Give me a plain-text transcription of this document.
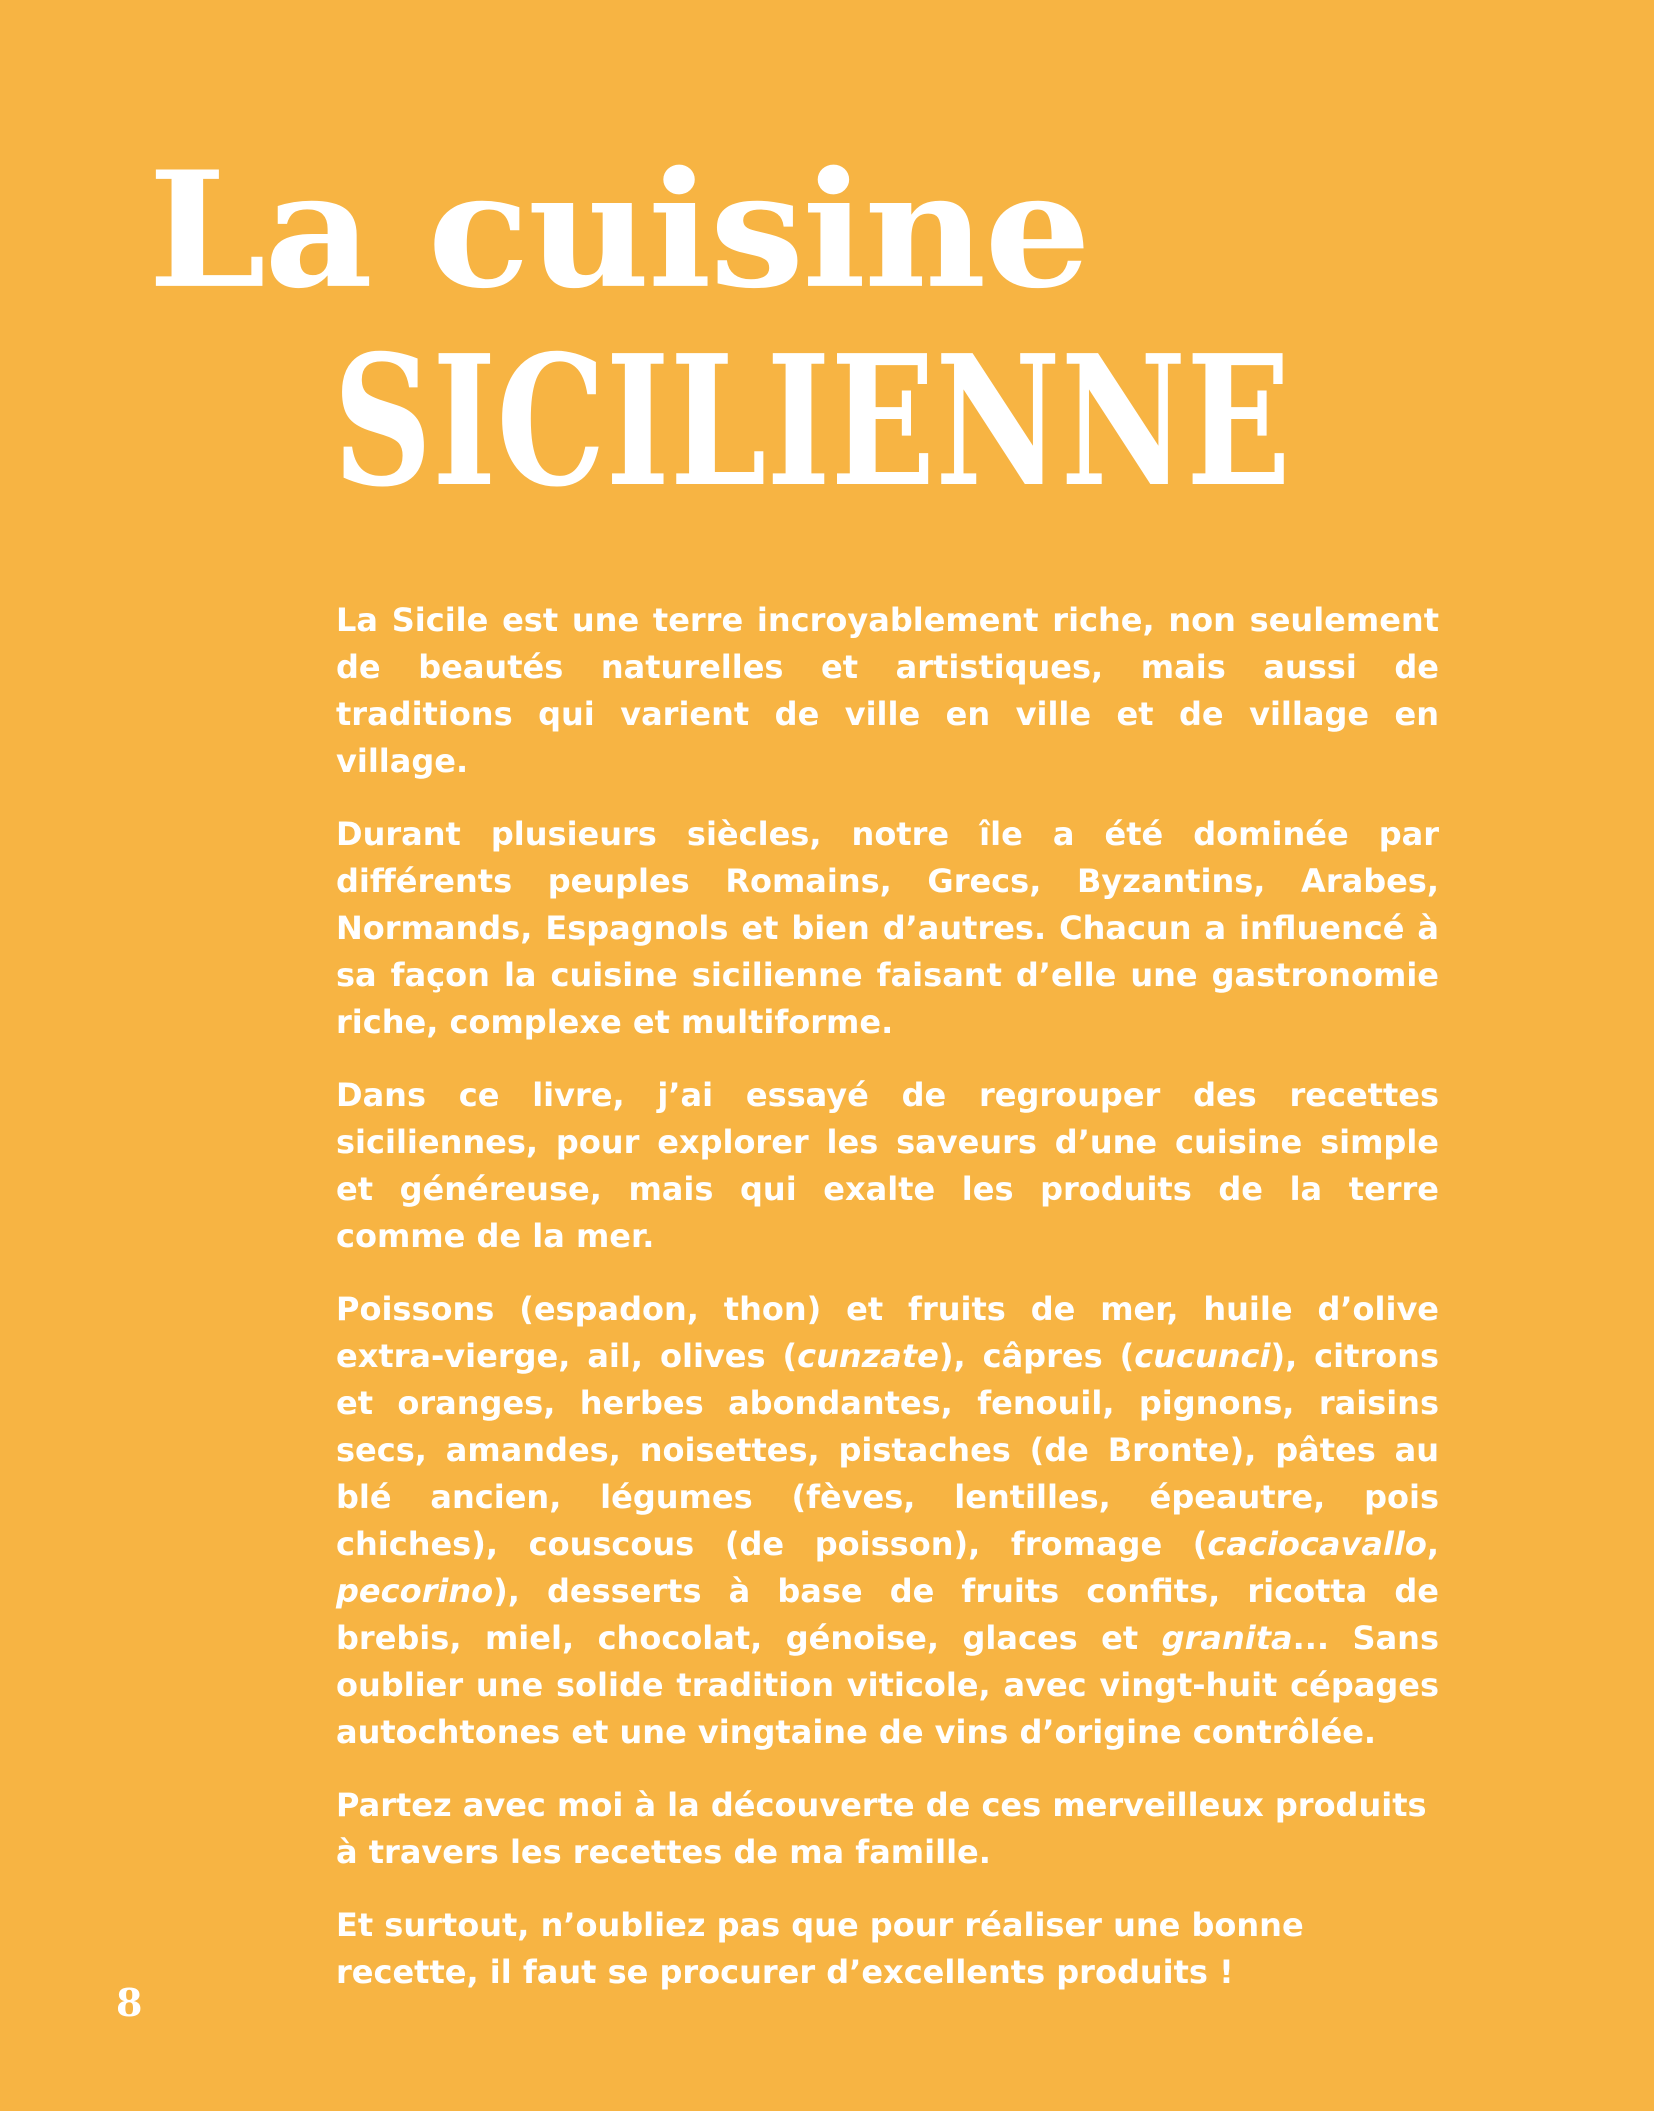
La cuisine
SICILIENNE

La Sicile est une terre incroyablement riche, non seulement de beautés naturelles et artistiques, mais aussi de traditions qui varient de ville en ville et de village en village.

Durant plusieurs siècles, notre île a été dominée par différents peuples Romains, Grecs, Byzantins, Arabes, Normands, Espagnols et bien d’autres. Chacun a influencé à sa façon la cuisine sicilienne faisant d’elle une gastronomie riche, complexe et multiforme.

Dans ce livre, j’ai essayé de regrouper des recettes siciliennes, pour explorer les saveurs d’une cuisine simple et généreuse, mais qui exalte les produits de la terre comme de la mer.

Poissons (espadon, thon) et fruits de mer, huile d’olive extra-vierge, ail, olives (cunzate), câpres (cucunci), citrons et oranges, herbes abondantes, fenouil, pignons, raisins secs, amandes, noisettes, pistaches (de Bronte), pâtes au blé ancien, légumes (fèves, lentilles, épeautre, pois chiches), couscous (de poisson), fromage (caciocavallo, pecorino), desserts à base de fruits confits, ricotta de brebis, miel, chocolat, génoise, glaces et granita... Sans oublier une solide tradition viticole, avec vingt-huit cépages autochtones et une vingtaine de vins d’origine contrôlée.

Partez avec moi à la découverte de ces merveilleux produits à travers les recettes de ma famille.

Et surtout, n’oubliez pas que pour réaliser une bonne recette, il faut se procurer d’excellents produits !

8
